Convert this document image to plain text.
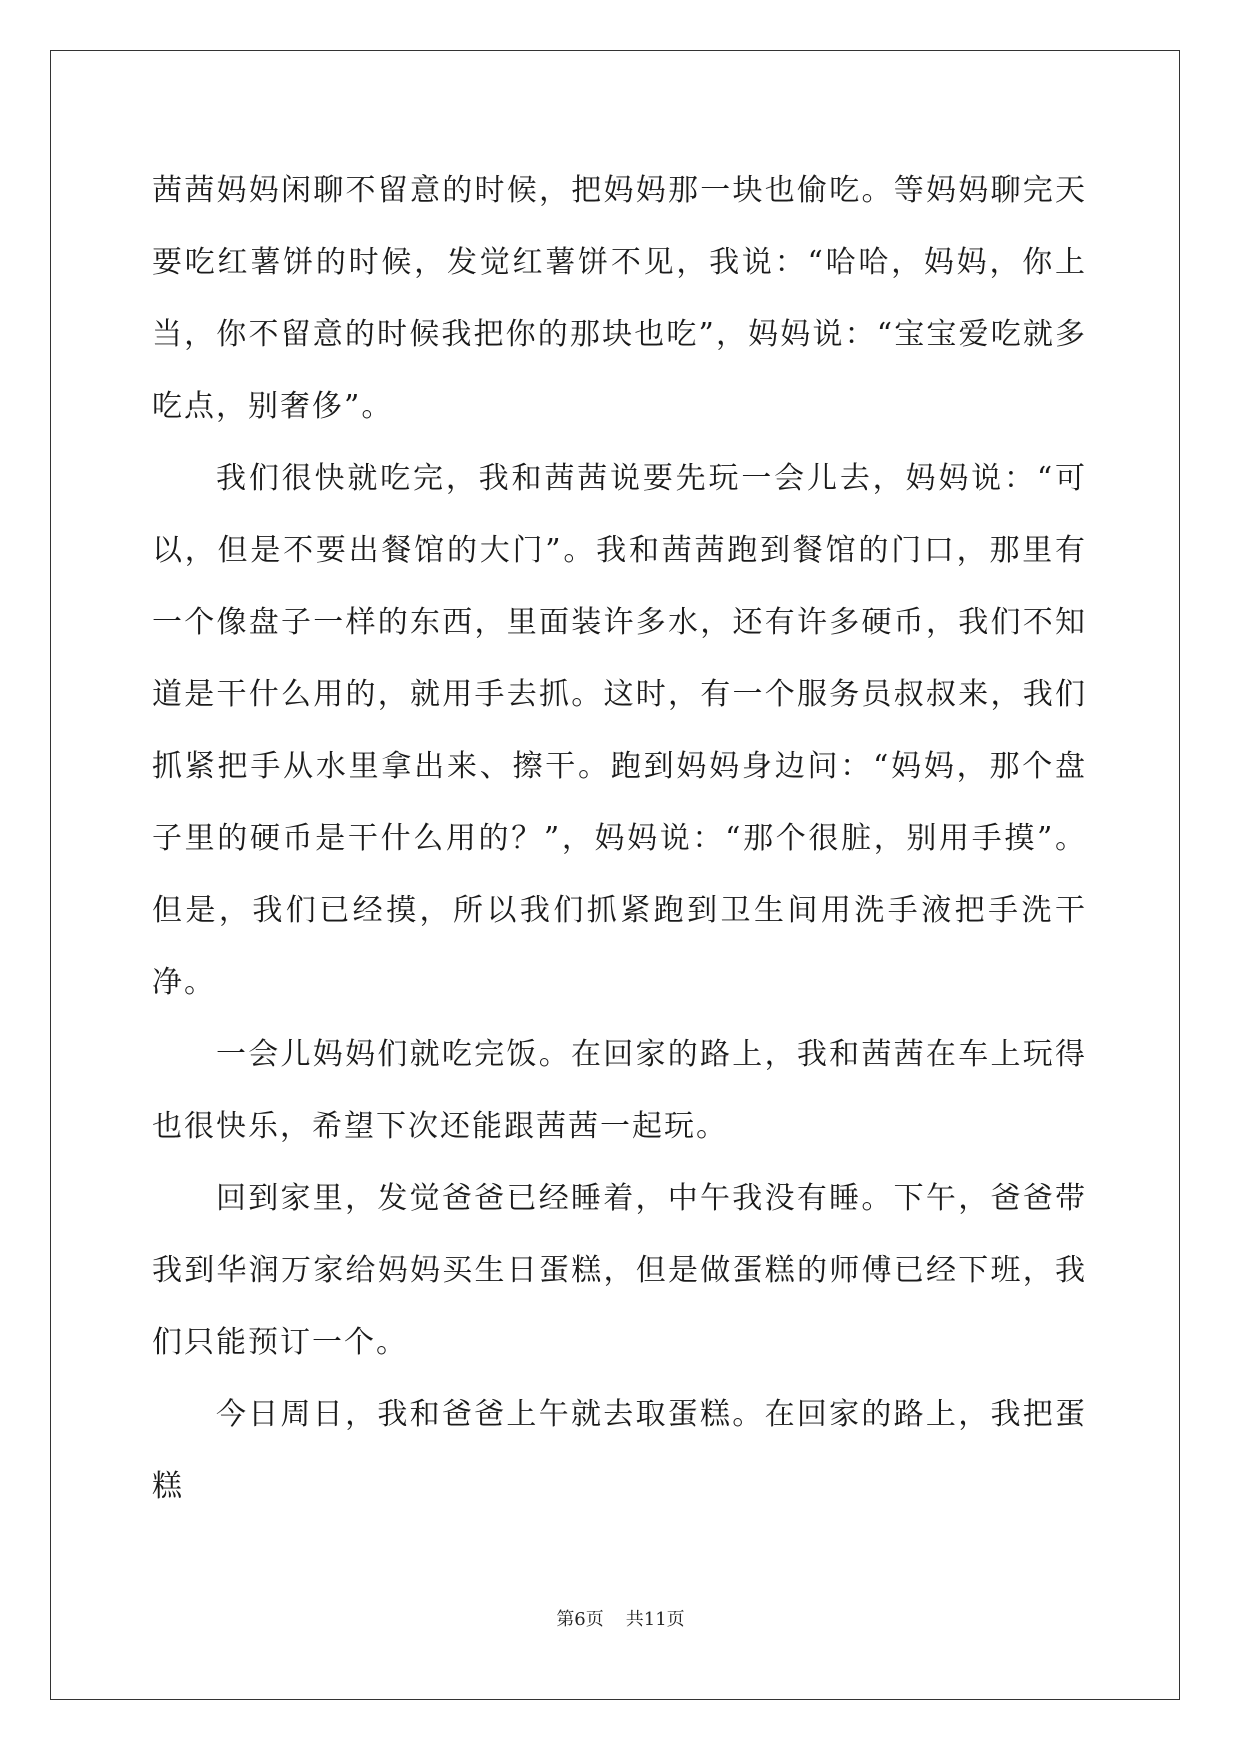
茜茜妈妈闲聊不留意的时候，把妈妈那一块也偷吃。等妈妈聊完天要吃红薯饼的时候，发觉红薯饼不见，我说：“哈哈，妈妈，你上当，你不留意的时候我把你的那块也吃”，妈妈说：“宝宝爱吃就多吃点，别奢侈”。

我们很快就吃完，我和茜茜说要先玩一会儿去，妈妈说：“可以，但是不要出餐馆的大门”。我和茜茜跑到餐馆的门口，那里有一个像盘子一样的东西，里面装许多水，还有许多硬币，我们不知道是干什么用的，就用手去抓。这时，有一个服务员叔叔来，我们抓紧把手从水里拿出来、擦干。跑到妈妈身边问：“妈妈，那个盘子里的硬币是干什么用的？”，妈妈说：“那个很脏，别用手摸”。但是，我们已经摸，所以我们抓紧跑到卫生间用洗手液把手洗干净。

一会儿妈妈们就吃完饭。在回家的路上，我和茜茜在车上玩得也很快乐，希望下次还能跟茜茜一起玩。

回到家里，发觉爸爸已经睡着，中午我没有睡。下午，爸爸带我到华润万家给妈妈买生日蛋糕，但是做蛋糕的师傅已经下班，我们只能预订一个。

今日周日，我和爸爸上午就去取蛋糕。在回家的路上，我把蛋糕

第6页 共11页
